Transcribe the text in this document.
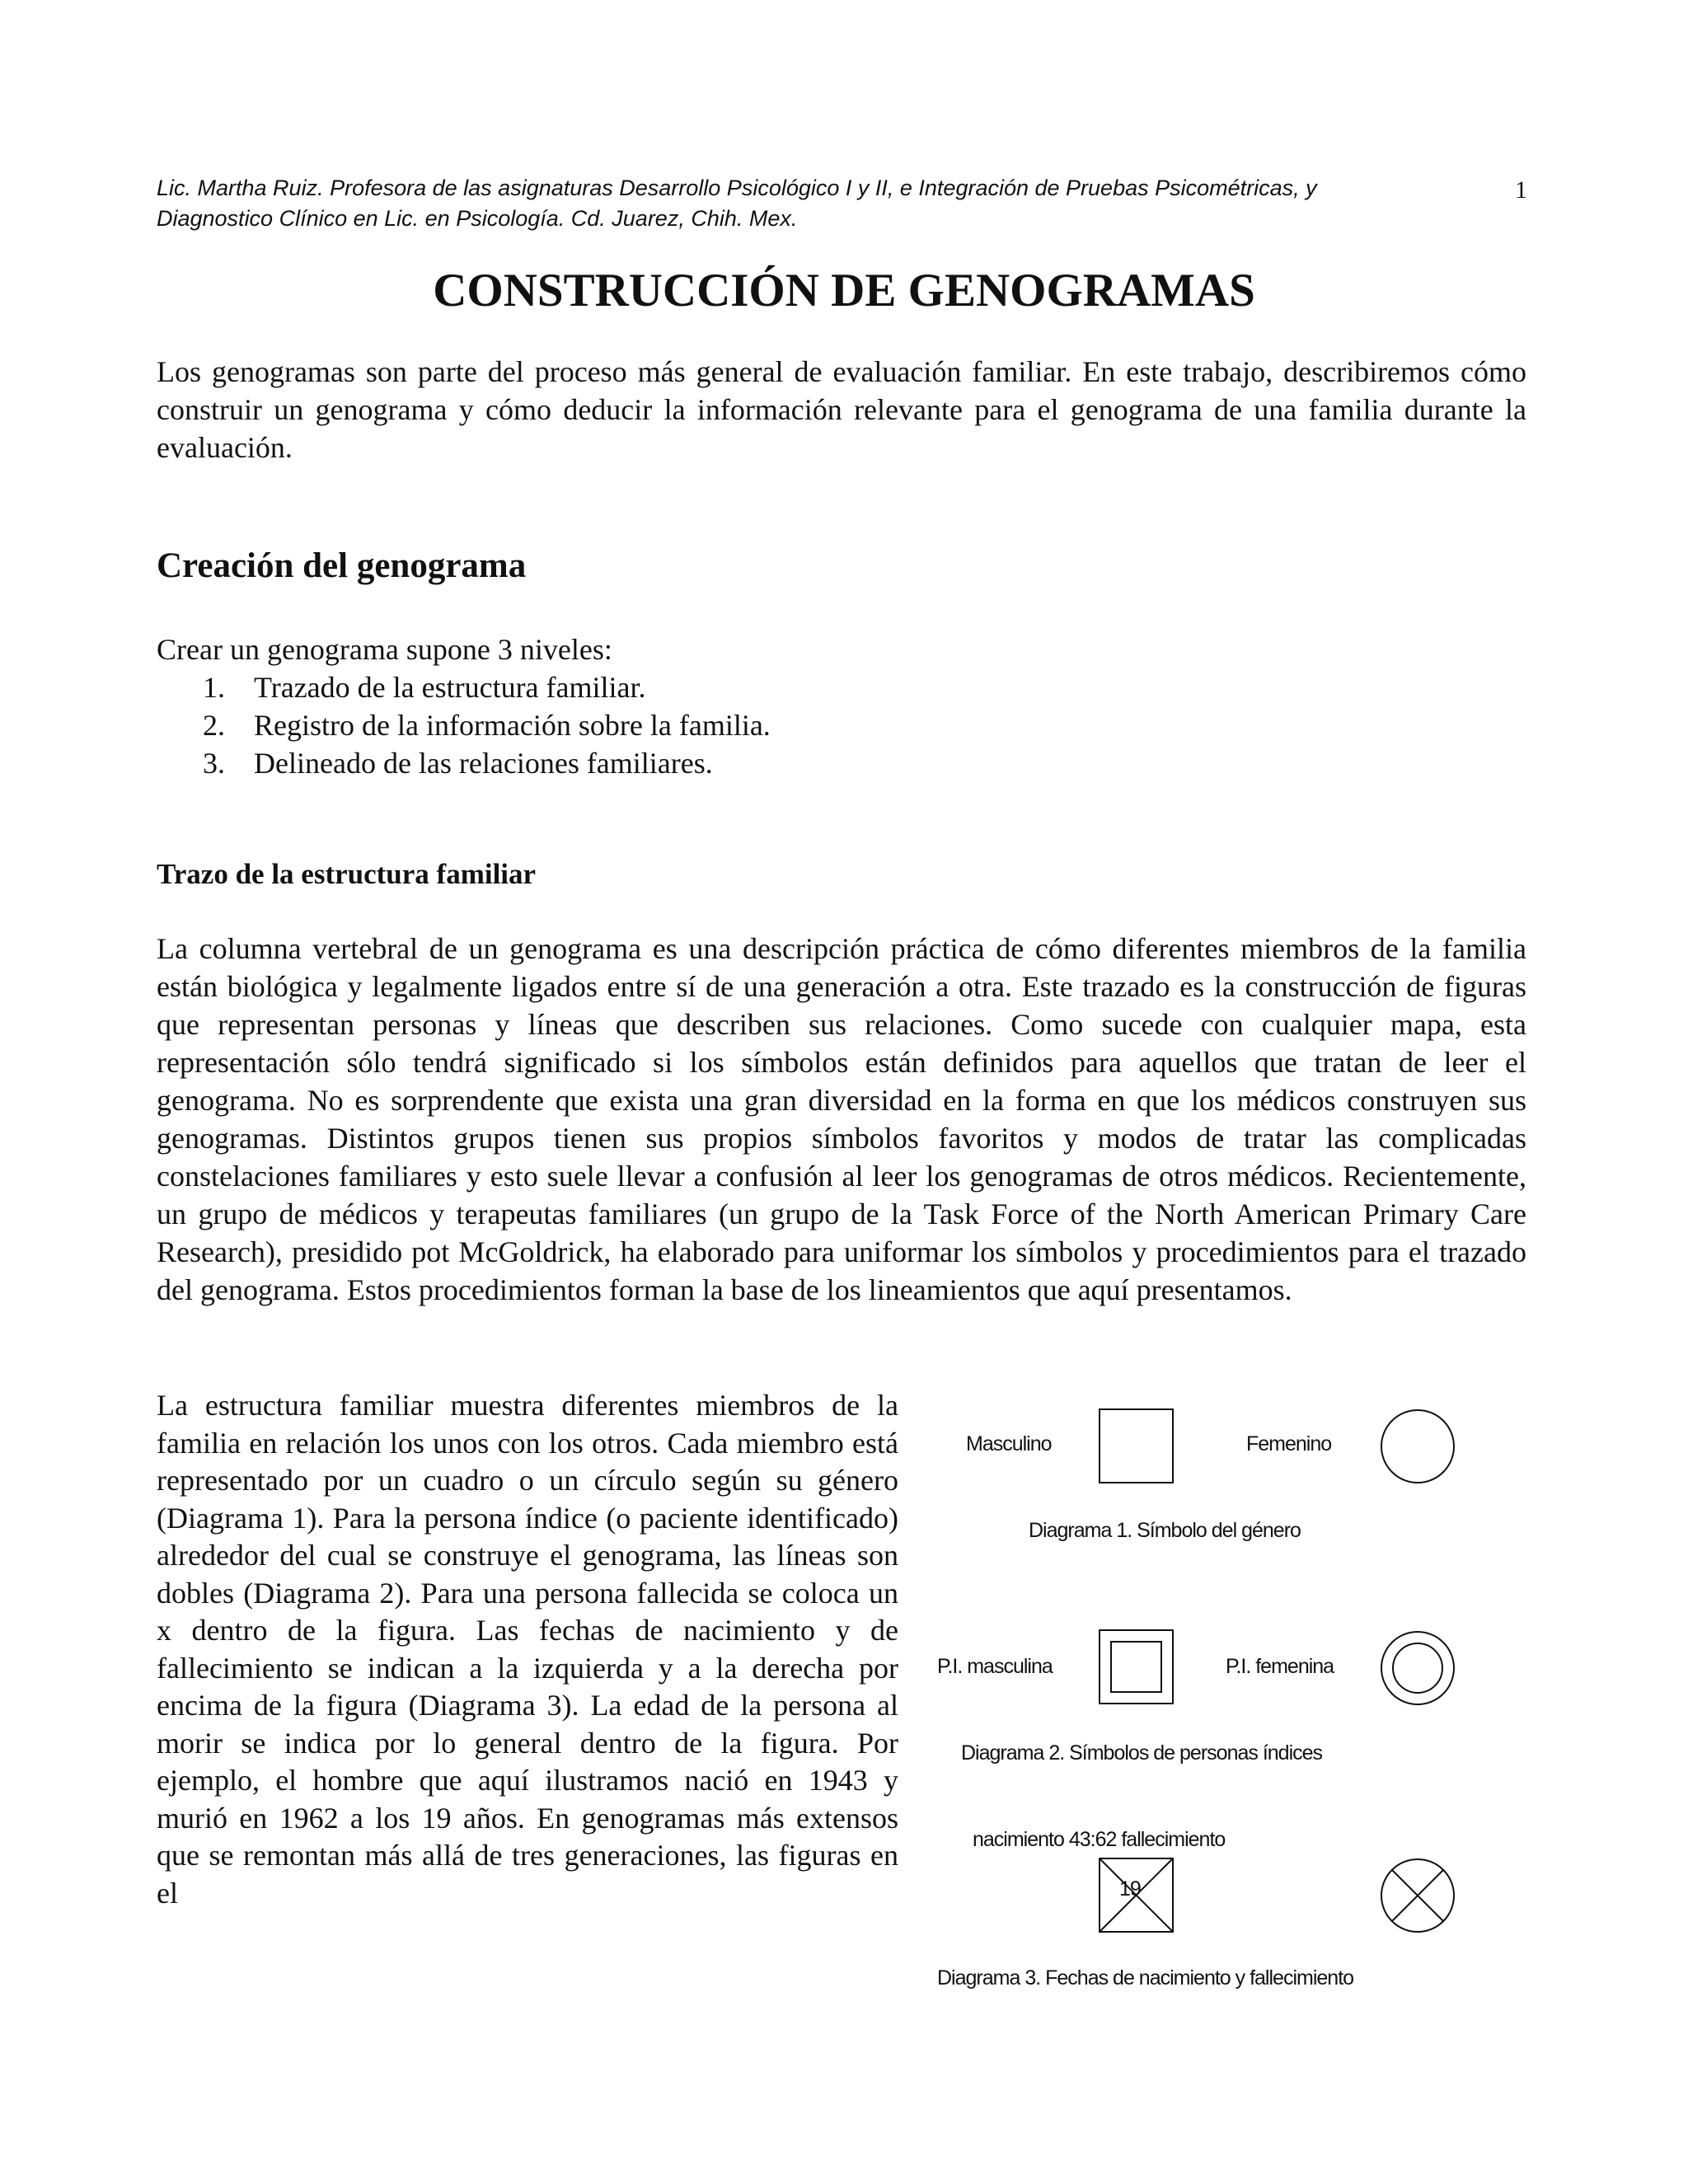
Lic. Martha Ruiz. Profesora de las asignaturas Desarrollo Psicológico I y II, e Integración de Pruebas Psicométricas, y
Diagnostico Clínico en Lic. en Psicología. Cd. Juarez, Chih. Mex.
1
CONSTRUCCIÓN DE GENOGRAMAS

Los genogramas son parte del proceso más general de evaluación familiar. En este trabajo, describiremos cómo construir un genograma y cómo deducir la información relevante para el genograma de una familia durante la evaluación.

Creación del genograma
Crear un genograma supone 3 niveles:
1. Trazado de la estructura familiar.
2. Registro de la información sobre la familia.
3. Delineado de las relaciones familiares.
Trazo de la estructura familiar

La columna vertebral de un genograma es una descripción práctica de cómo diferentes miembros de la familia están biológica y legalmente ligados entre sí de una generación a otra. Este trazado es la construcción de figuras que representan personas y líneas que describen sus relaciones. Como sucede con cualquier mapa, esta representación sólo tendrá significado si los símbolos están definidos para aquellos que tratan de leer el genograma. No es sorprendente que exista una gran diversidad en la forma en que los médicos construyen sus genogramas. Distintos grupos tienen sus propios símbolos favoritos y modos de tratar las complicadas constelaciones familiares y esto suele llevar a confusión al leer los genogramas de otros médicos. Recientemente, un grupo de médicos y terapeutas familiares (un grupo de la Task Force of the North American Primary Care Research), presidido pot McGoldrick, ha elaborado para uniformar los símbolos y procedimientos para el trazado del genograma. Estos procedimientos forman la base de los lineamientos que aquí presentamos.

La estructura familiar muestra diferentes miembros de la familia en relación los unos con los otros. Cada miembro está representado por un cuadro o un círculo según su género (Diagrama 1). Para la persona índice (o paciente identificado) alrededor del cual se construye el genograma, las líneas son dobles (Diagrama 2). Para una persona fallecida se coloca un x dentro de la figura. Las fechas de nacimiento y de fallecimiento se indican a la izquierda y a la derecha por encima de la figura (Diagrama 3). La edad de la persona al morir se indica por lo general dentro de la figura. Por ejemplo, el hombre que aquí ilustramos nació en 1943 y murió en 1962 a los 19 años. En genogramas más extensos que se remontan más allá de tres generaciones, las figuras en el

Masculino	Femenino
Diagrama 1. Símbolo del género
P.I. masculina	P.I. femenina
Diagrama 2. Símbolos de personas índices
nacimiento 43:62 fallecimiento
19
Diagrama 3. Fechas de nacimiento y fallecimiento
